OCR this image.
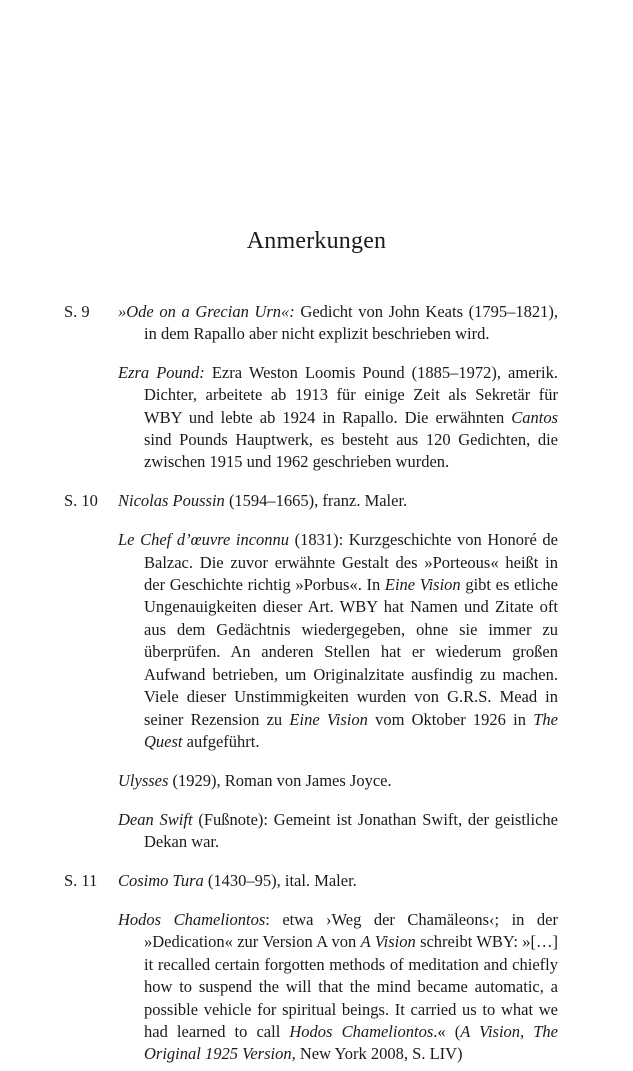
Anmerkungen
S. 9 »Ode on a Grecian Urn«: Gedicht von John Keats (1795–1821), in dem Rapallo aber nicht explizit beschrieben wird.

Ezra Pound: Ezra Weston Loomis Pound (1885–1972), amerik. Dichter, arbeitete ab 1913 für einige Zeit als Sekretär für WBY und lebte ab 1924 in Rapallo. Die erwähnten Cantos sind Pounds Hauptwerk, es besteht aus 120 Gedichten, die zwischen 1915 und 1962 geschrieben wurden.

S. 10 Nicolas Poussin (1594–1665), franz. Maler.

Le Chef d’œuvre inconnu (1831): Kurzgeschichte von Honoré de Balzac. Die zuvor erwähnte Gestalt des »Porteous« heißt in der Geschichte richtig »Porbus«. In Eine Vision gibt es etliche Ungenauigkeiten dieser Art. WBY hat Namen und Zitate oft aus dem Gedächtnis wiedergegeben, ohne sie immer zu überprüfen. An anderen Stellen hat er wiederum großen Aufwand betrieben, um Originalzitate ausfindig zu machen. Viele dieser Unstimmigkeiten wurden von G.R.S. Mead in seiner Rezension zu Eine Vision vom Oktober 1926 in The Quest aufgeführt.

Ulysses (1929), Roman von James Joyce.

Dean Swift (Fußnote): Gemeint ist Jonathan Swift, der geistliche Dekan war.

S. 11 Cosimo Tura (1430–95), ital. Maler.

Hodos Chameliontos: etwa ›Weg der Chamäleons‹; in der »Dedication« zur Version A von A Vision schreibt WBY: »[…] it recalled certain forgotten methods of meditation and chiefly how to suspend the will that the mind became automatic, a possible vehicle for spiritual beings. It carried us to what we had learned to call Hodos Chameliontos.« (A Vision, The Original 1925 Version, New York 2008, S. LIV)
